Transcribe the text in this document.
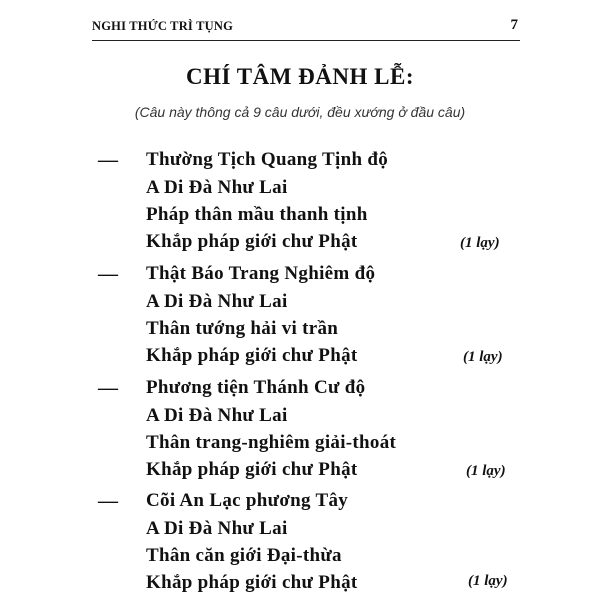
NGHI THỨC TRÌ TỤNG	7
CHÍ TÂM ĐẢNH LỄ:
(Câu này thông cả 9 câu dưới, đều xướng ở đầu câu)
— Thường Tịch Quang Tịnh độ
A Di Đà Như Lai
Pháp thân mầu thanh tịnh
Khắp pháp giới chư Phật	(1 lạy)
— Thật Báo Trang Nghiêm độ
A Di Đà Như Lai
Thân tướng hải vi trần
Khắp pháp giới chư Phật	(1 lạy)
— Phương tiện Thánh Cư độ
A Di Đà Như Lai
Thân trang-nghiêm giải-thoát
Khắp pháp giới chư Phật	(1 lạy)
— Cõi An Lạc phương Tây
A Di Đà Như Lai
Thân căn giới Đại-thừa
Khắp pháp giới chư Phật	(1 lạy)
